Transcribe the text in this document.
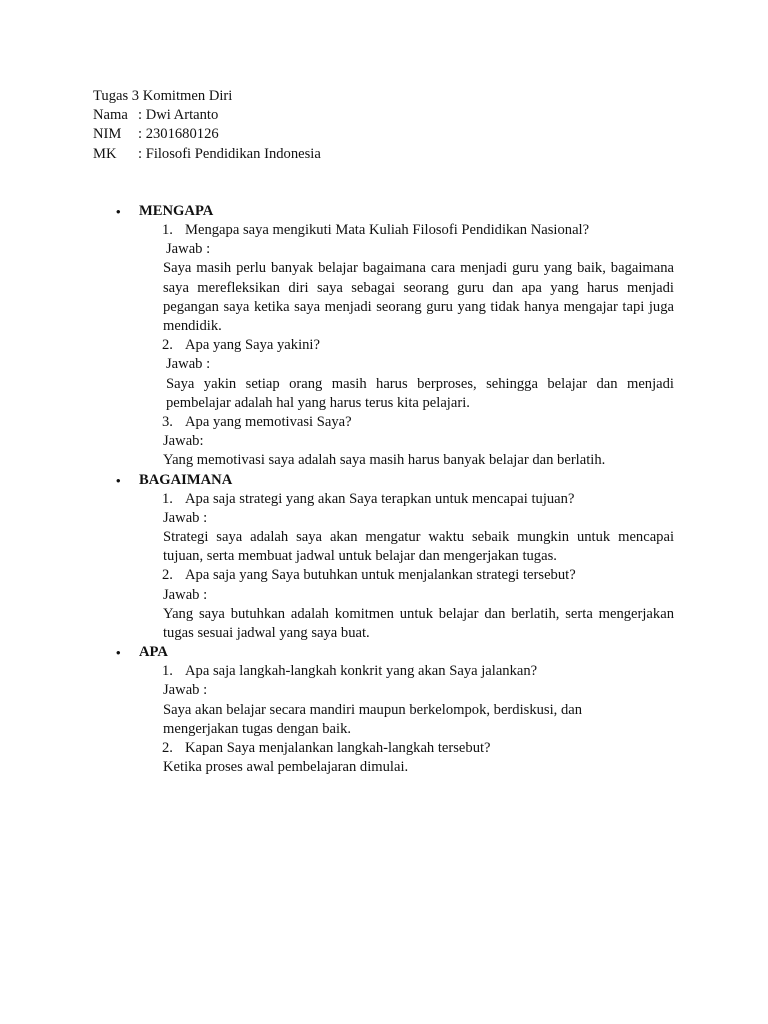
Tugas 3 Komitmen Diri
Nama : Dwi Artanto
NIM	: 2301680126
MK	: Filosofi Pendidikan Indonesia
•	MENGAPA
1. Mengapa saya mengikuti Mata Kuliah Filosofi Pendidikan Nasional?
Jawab :
Saya masih perlu banyak belajar bagaimana cara menjadi guru yang baik, bagaimana saya merefleksikan diri saya sebagai seorang guru dan apa yang harus menjadi pegangan saya ketika saya menjadi seorang guru yang tidak hanya mengajar tapi juga mendidik.
2. Apa yang Saya yakini?
Jawab :
Saya yakin setiap orang masih harus berproses, sehingga belajar dan menjadi pembelajar adalah hal yang harus terus kita pelajari.
3. Apa yang memotivasi Saya?
Jawab:
Yang memotivasi saya adalah saya masih harus banyak belajar dan berlatih.
•	BAGAIMANA
1. Apa saja strategi yang akan Saya terapkan untuk mencapai tujuan?
Jawab :
Strategi saya adalah saya akan mengatur waktu sebaik mungkin untuk mencapai tujuan, serta membuat jadwal untuk belajar dan mengerjakan tugas.
2. Apa saja yang Saya butuhkan untuk menjalankan strategi tersebut?
Jawab :
Yang saya butuhkan adalah komitmen untuk belajar dan berlatih, serta mengerjakan tugas sesuai jadwal yang saya buat.
•	APA
1. Apa saja langkah-langkah konkrit yang akan Saya jalankan?
Jawab :
Saya akan belajar secara mandiri maupun berkelompok, berdiskusi, dan
mengerjakan tugas dengan baik.
2. Kapan Saya menjalankan langkah-langkah tersebut?
Ketika proses awal pembelajaran dimulai.
